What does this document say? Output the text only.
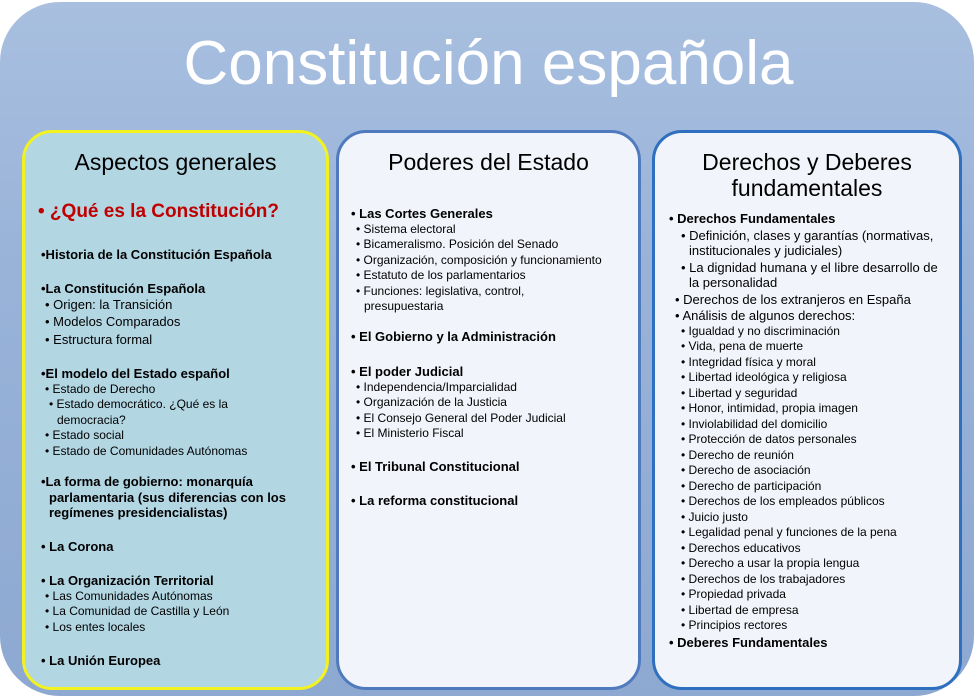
Constitución española
Aspectos generales
• ¿Qué es la Constitución?
•Historia de la Constitución Española
•La Constitución Española
• Origen: la Transición
• Modelos Comparados
• Estructura formal
•El modelo del Estado español
• Estado de Derecho
• Estado democrático. ¿Qué es la democracia?
• Estado social
• Estado de Comunidades Autónomas
•La forma de gobierno: monarquía parlamentaria (sus diferencias con los regímenes presidencialistas)
• La Corona
• La Organización Territorial
• Las Comunidades Autónomas
• La Comunidad de Castilla y León
• Los entes locales
• La Unión Europea
Poderes del Estado
• Las Cortes Generales
• Sistema electoral
• Bicameralismo. Posición del Senado
• Organización, composición y funcionamiento
• Estatuto de los parlamentarios
• Funciones: legislativa, control, presupuestaria
• El Gobierno y la Administración
• El poder Judicial
• Independencia/Imparcialidad
• Organización de la Justicia
• El Consejo General del Poder Judicial
• El Ministerio Fiscal
• El Tribunal Constitucional
• La reforma constitucional
Derechos y Deberes
fundamentales
• Derechos Fundamentales
• Definición, clases y garantías (normativas, institucionales y judiciales)
• La dignidad humana y el libre desarrollo de la personalidad
• Derechos de los extranjeros en España
• Análisis de algunos derechos:
• Igualdad y no discriminación
• Vida, pena de muerte
• Integridad física y moral
• Libertad ideológica y religiosa
• Libertad y seguridad
• Honor, intimidad, propia imagen
• Inviolabilidad del domicilio
• Protección de datos personales
• Derecho de reunión
• Derecho de asociación
• Derecho de participación
• Derechos de los empleados públicos
• Juicio justo
• Legalidad penal y funciones de la pena
• Derechos educativos
• Derecho a usar la propia lengua
• Derechos de los trabajadores
• Propiedad privada
• Libertad de empresa
• Principios rectores
• Deberes Fundamentales
